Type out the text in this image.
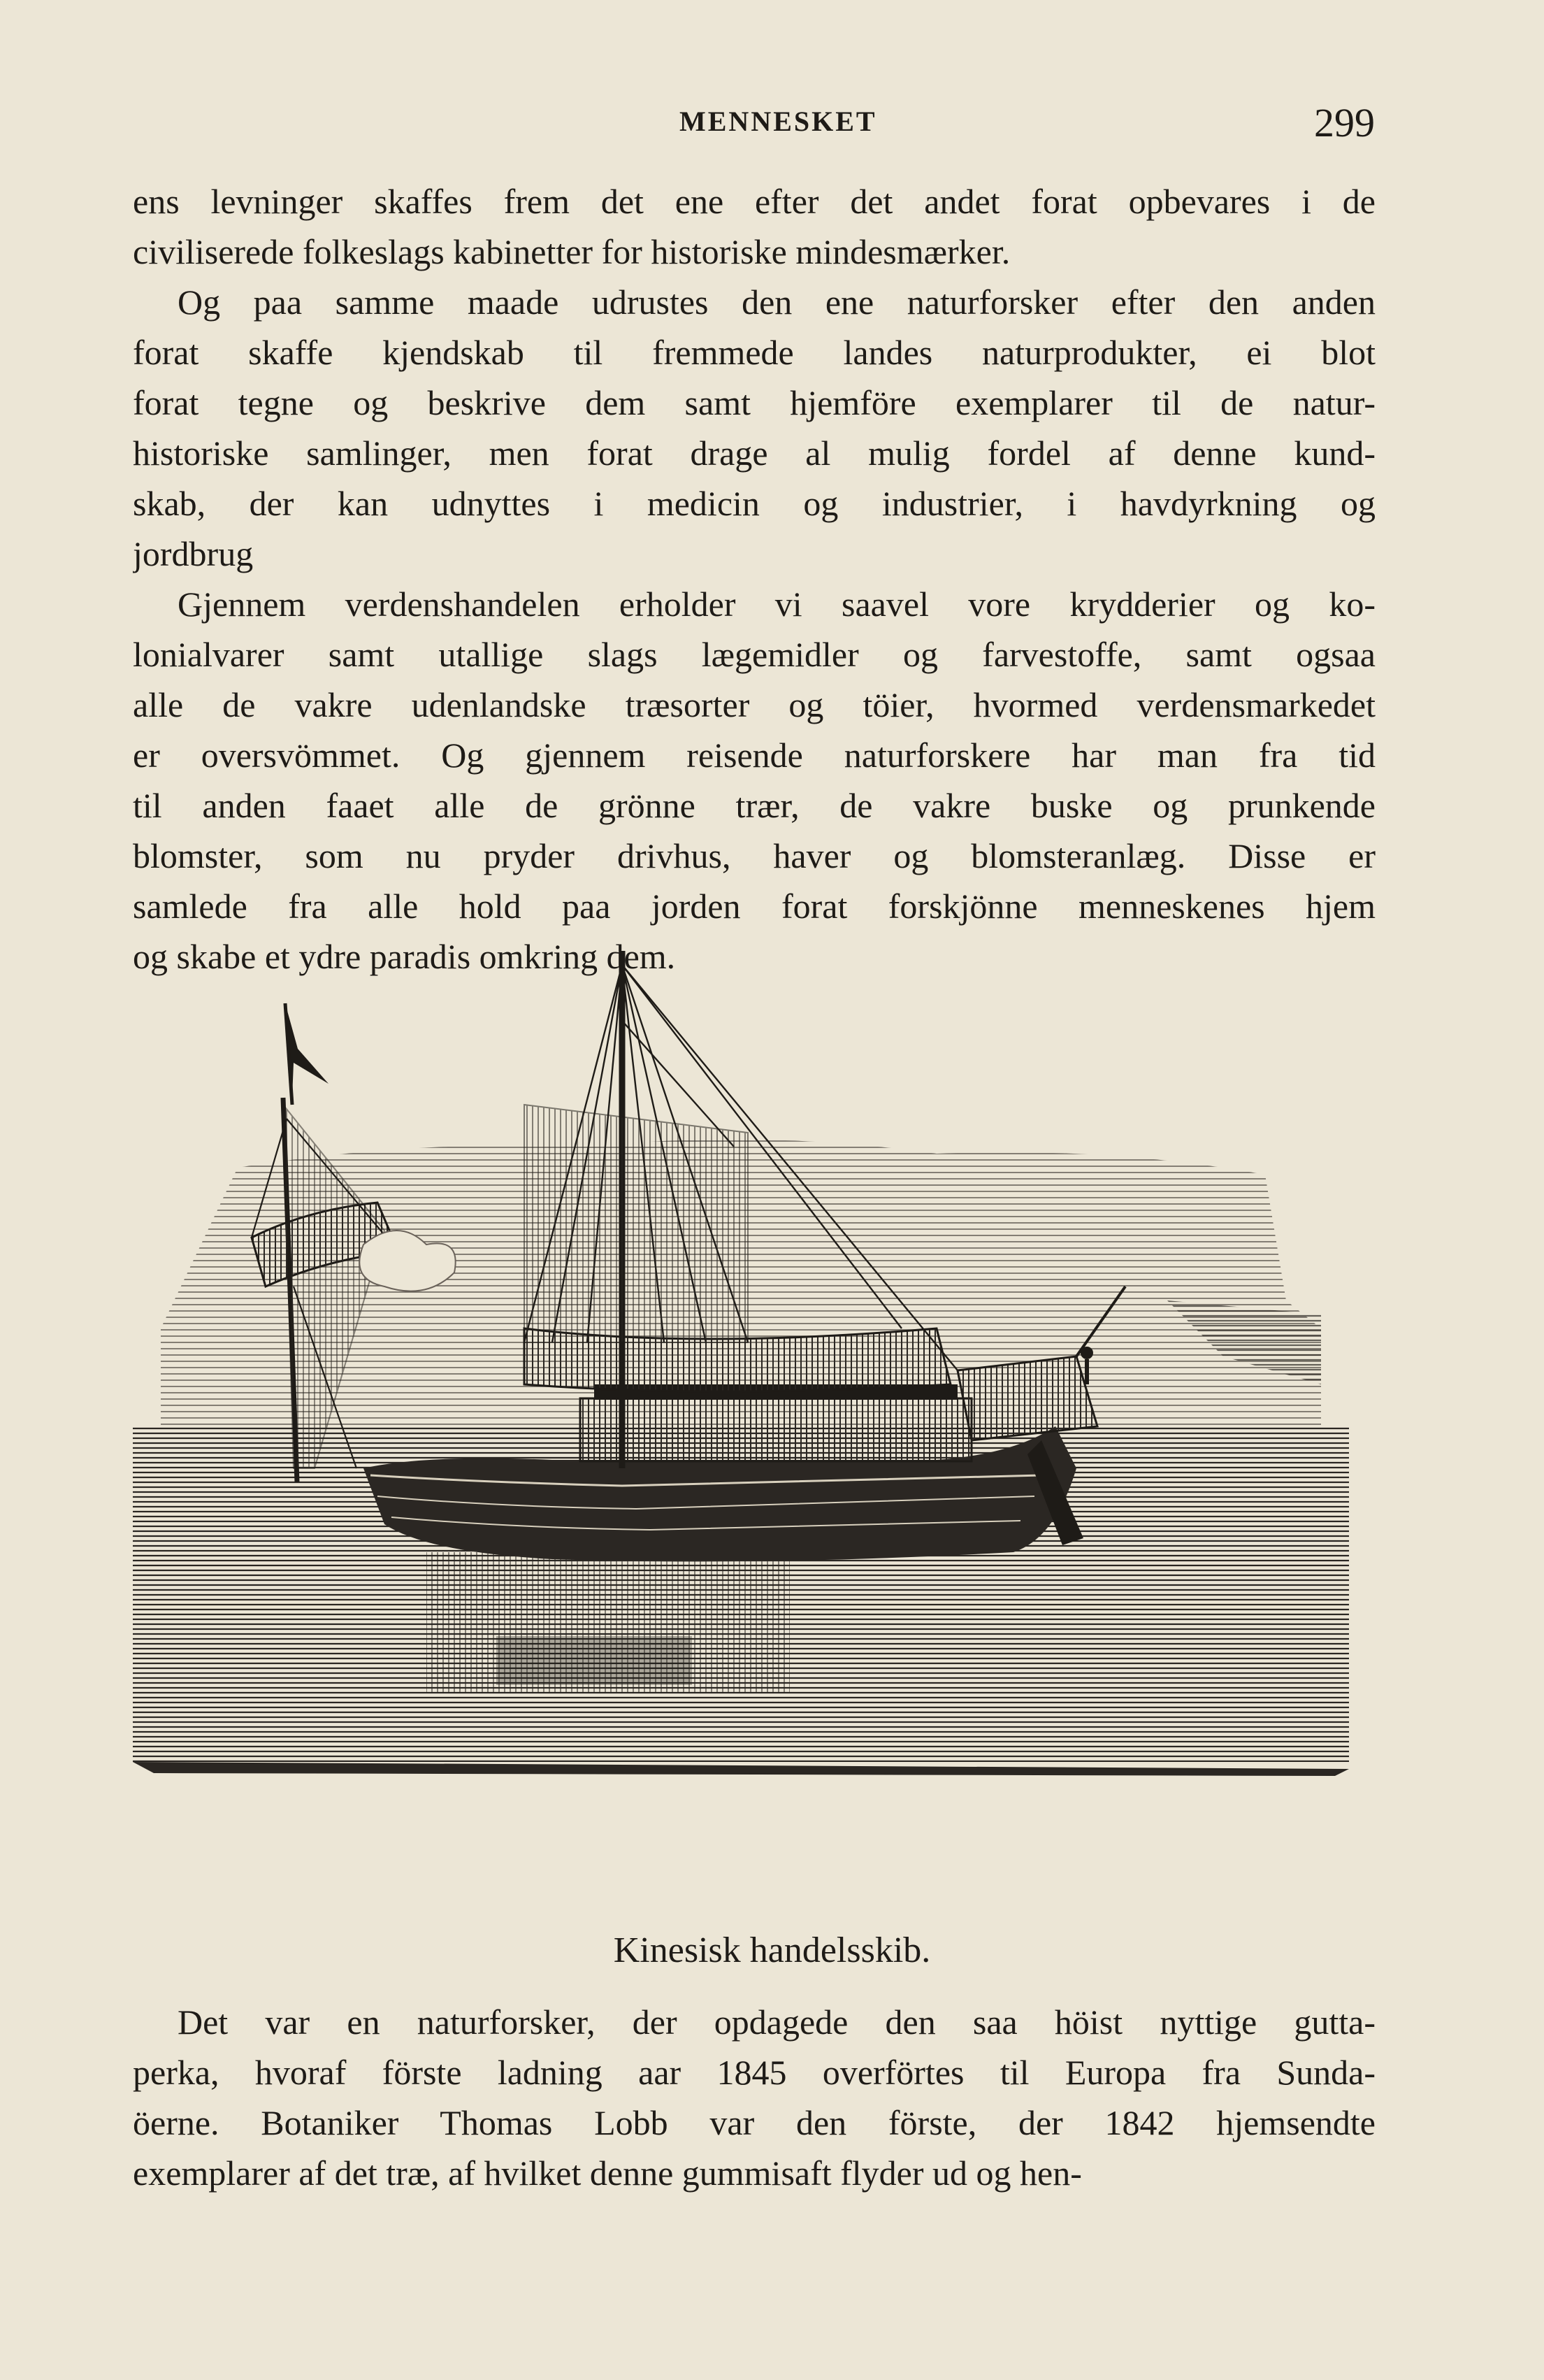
MENNESKET	299
ens levninger skaffes frem det ene efter det andet forat opbevares i de
civiliserede folkeslags kabinetter for historiske mindesmærker.
Og paa samme maade udrustes den ene naturforsker efter den anden
forat skaffe kjendskab til fremmede landes naturprodukter, ei blot
forat tegne og beskrive dem samt hjemföre exemplarer til de natur-
historiske samlinger, men forat drage al mulig fordel af denne kund-
skab, der kan udnyttes i medicin og industrier, i havdyrkning og
jordbrug
Gjennem verdenshandelen erholder vi saavel vore krydderier og ko-
lonialvarer samt utallige slags lægemidler og farvestoffe, samt ogsaa
alle de vakre udenlandske træsorter og töier, hvormed verdensmarkedet
er oversvömmet. Og gjennem reisende naturforskere har man fra tid
til anden faaet alle de grönne trær, de vakre buske og prunkende
blomster, som nu pryder drivhus, haver og blomsteranlæg. Disse er
samlede fra alle hold paa jorden forat forskjönne menneskenes hjem
og skabe et ydre paradis omkring dem.
Kinesisk handelsskib.
Det var en naturforsker, der opdagede den saa höist nyttige gutta-
perka, hvoraf förste ladning aar 1845 overförtes til Europa fra Sunda-
öerne. Botaniker Thomas Lobb var den förste, der 1842 hjemsendte
exemplarer af det træ, af hvilket denne gummisaft flyder ud og hen-
